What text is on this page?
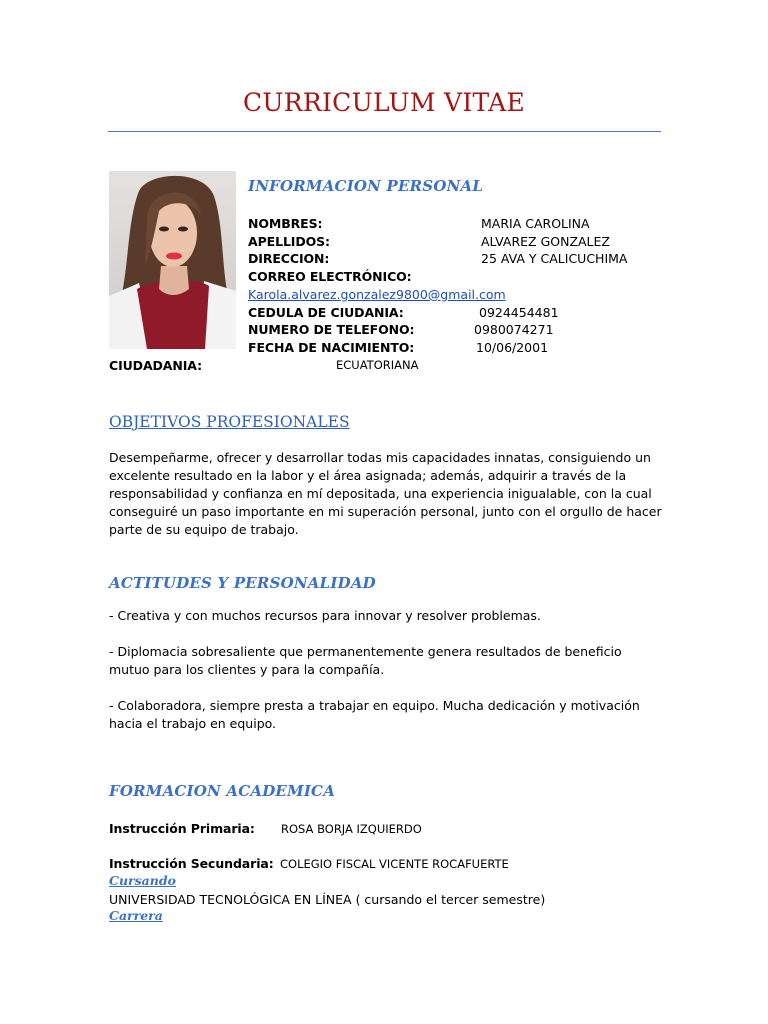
CURRICULUM VITAE
INFORMACION PERSONAL
NOMBRES:	MARIA CAROLINA
APELLIDOS:	ALVAREZ GONZALEZ
DIRECCION:	25 AVA Y CALICUCHIMA
CORREO ELECTRÓNICO:
Karola.alvarez.gonzalez9800@gmail.com
CEDULA DE CIUDANIA:	0924454481
NUMERO DE TELEFONO:	0980074271
FECHA DE NACIMIENTO:	10/06/2001
CIUDADANIA:	ECUATORIANA
OBJETIVOS PROFESIONALES
Desempeñarme, ofrecer y desarrollar todas mis capacidades innatas, consiguiendo un excelente resultado en la labor y el área asignada; además, adquirir a través de la responsabilidad y confianza en mí depositada, una experiencia inigualable, con la cual conseguiré un paso importante en mi superación personal, junto con el orgullo de hacer parte de su equipo de trabajo.
ACTITUDES Y PERSONALIDAD
- Creativa y con muchos recursos para innovar y resolver problemas.
- Diplomacia sobresaliente que permanentemente genera resultados de beneficio mutuo para los clientes y para la compañía.
- Colaboradora, siempre presta a trabajar en equipo. Mucha dedicación y motivación hacia el trabajo en equipo.
FORMACION ACADEMICA
Instrucción Primaria: ROSA BORJA IZQUIERDO
Instrucción Secundaria: COLEGIO FISCAL VICENTE ROCAFUERTE
Cursando
UNIVERSIDAD TECNOLÓGICA EN LÍNEA ( cursando el tercer semestre)
Carrera
